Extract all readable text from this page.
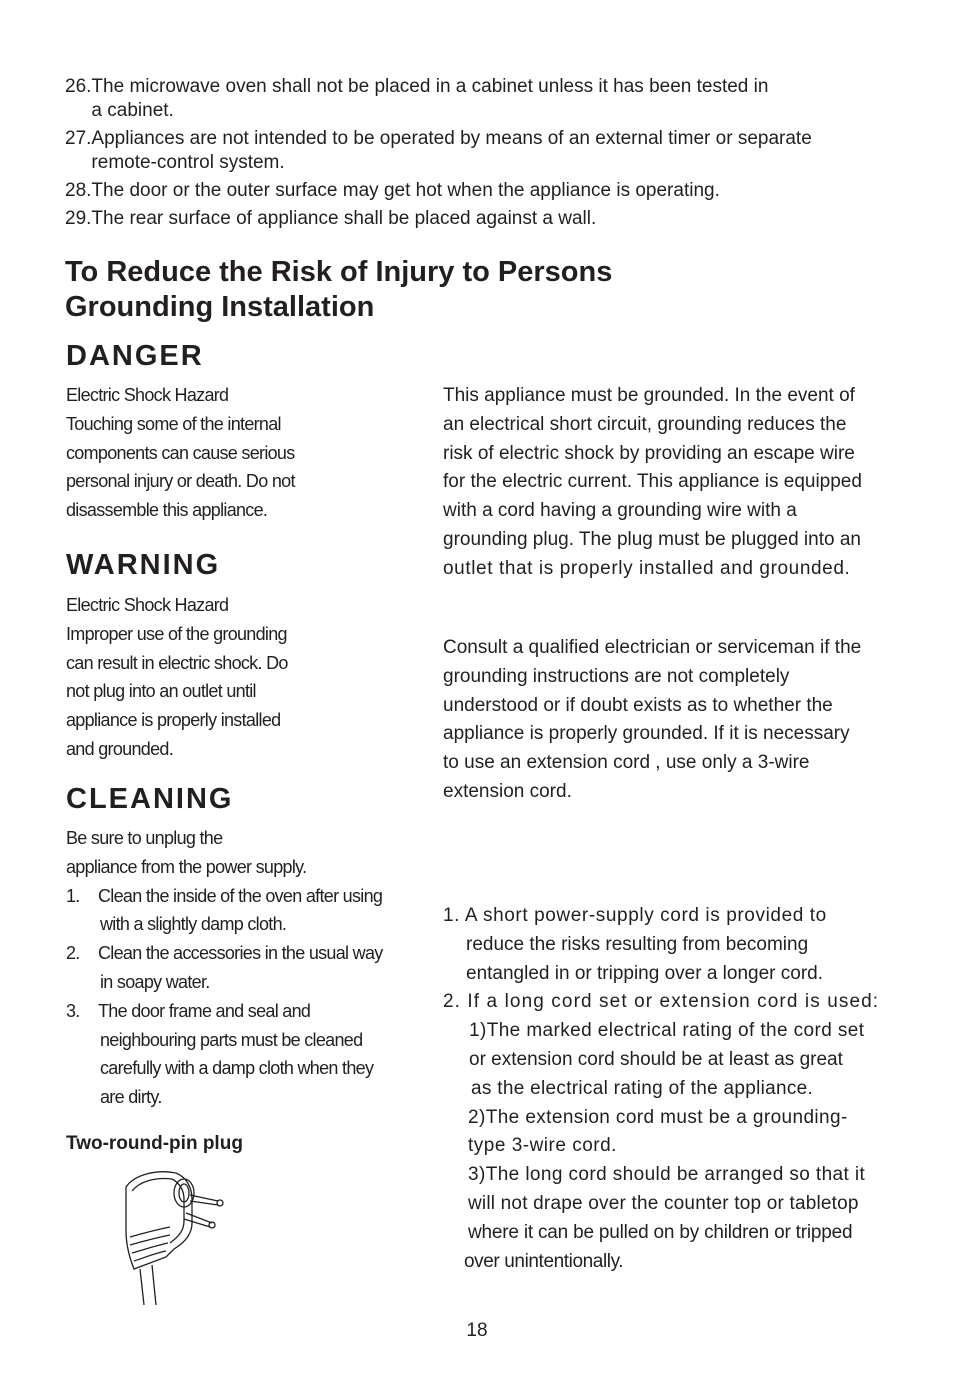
26. The microwave oven shall not be placed in a cabinet unless it has been tested in
a cabinet.
27. Appliances are not intended to be operated by means of an external timer or separate
remote-control system.
28. The door or the outer surface may get hot when the appliance is operating.
29. The rear surface of appliance shall be placed against a wall.
To Reduce the Risk of Injury to Persons
Grounding Installation
DANGER
Electric Shock Hazard
Touching some of the internal
components can cause serious
personal injury or death. Do not
disassemble this appliance.
WARNING
Electric Shock Hazard
Improper use of the grounding
can result in electric shock. Do
not plug into an outlet until
appliance is properly installed
and grounded.
CLEANING
Be sure to unplug the
appliance from the power supply.
1.	Clean the inside of the oven after using
with a slightly damp cloth.
2.	Clean the accessories in the usual way
in soapy water.
3.	The door frame and seal and
neighbouring parts must be cleaned
carefully with a damp cloth when they
are dirty.
Two-round-pin plug
This appliance must be grounded. In the event of
an electrical short circuit, grounding reduces the
risk of electric shock by providing an escape wire
for the electric current. This appliance is equipped
with a cord having a grounding wire with a
grounding plug. The plug must be plugged into an
outlet that is properly installed and grounded.
Consult a qualified electrician or serviceman if the
grounding instructions are not completely
understood or if doubt exists as to whether the
appliance is properly grounded. If it is necessary
to use an extension cord , use only a 3-wire
extension cord.
1. A short power-supply cord is provided to
reduce the risks resulting from becoming
entangled in or tripping over a longer cord.
2. If a long cord set or extension cord is used:
1)The marked electrical rating of the cord set
or extension cord should be at least as great
as the electrical rating of the appliance.
2)The extension cord must be a grounding-
type 3-wire cord.
3)The long cord should be arranged so that it
will not drape over the counter top or tabletop
where it can be pulled on by children or tripped
over unintentionally.
18
